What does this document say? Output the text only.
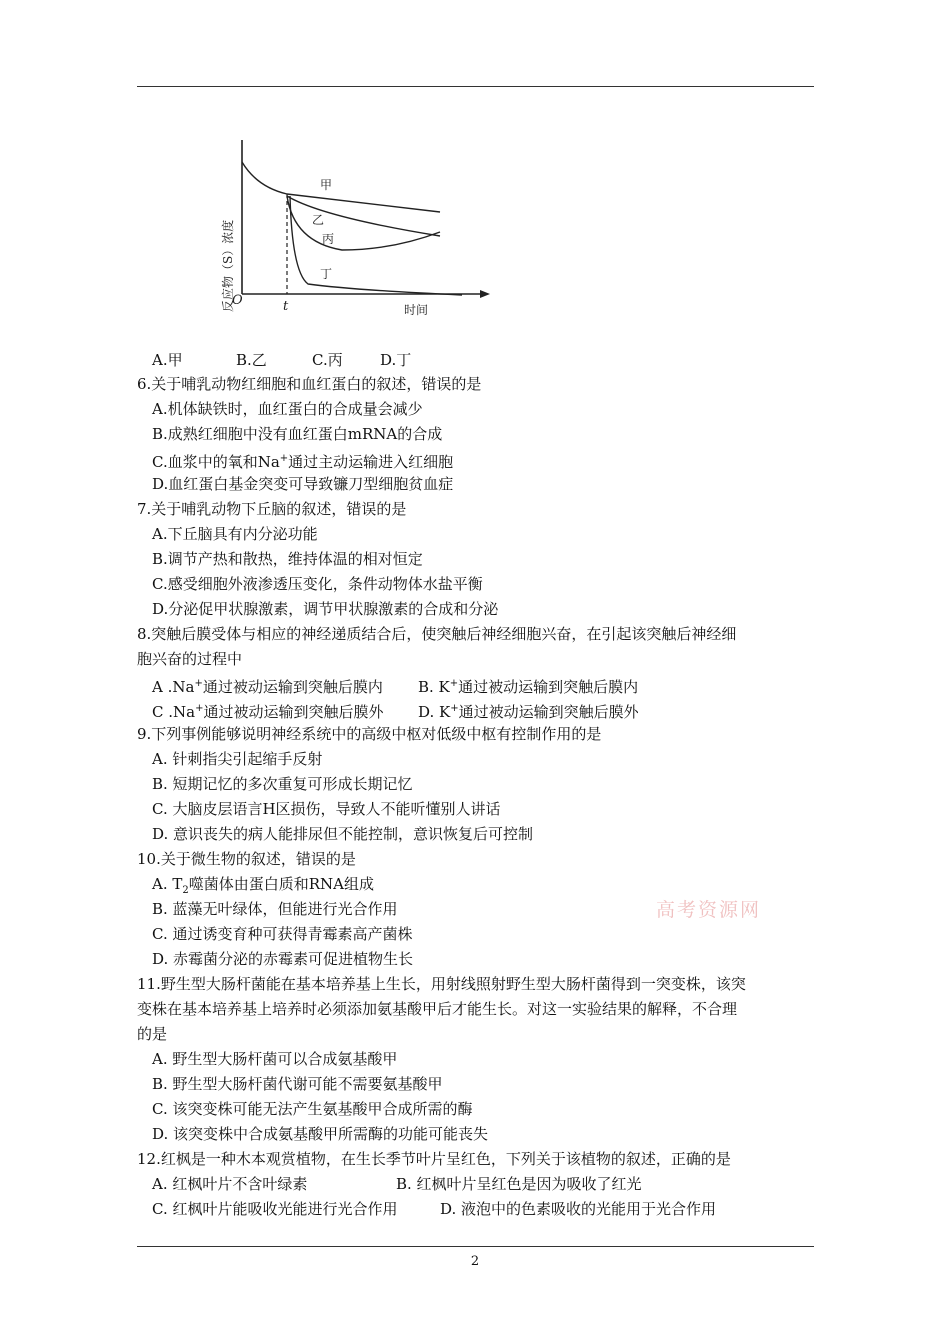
反应物（S）浓度
O	t	时间
甲
乙
丙
丁
A.甲	B.乙	C.丙 D.丁
6.关于哺乳动物红细胞和血红蛋白的叙述，错误的是
A.机体缺铁时，血红蛋白的合成量会减少
B.成熟红细胞中没有血红蛋白mRNA的合成
C.血浆中的氧和Na+通过主动运输进入红细胞
D.血红蛋白基金突变可导致镰刀型细胞贫血症
7.关于哺乳动物下丘脑的叙述，错误的是
A.下丘脑具有内分泌功能
B.调节产热和散热，维持体温的相对恒定
C.感受细胞外液渗透压变化，条件动物体水盐平衡
D.分泌促甲状腺激素，调节甲状腺激素的合成和分泌
8.突触后膜受体与相应的神经递质结合后，使突触后神经细胞兴奋，在引起该突触后神经细
胞兴奋的过程中
A .Na+通过被动运输到突触后膜内 B. K+通过被动运输到突触后膜内
C .Na+通过被动运输到突触后膜外 D. K+通过被动运输到突触后膜外
9.下列事例能够说明神经系统中的高级中枢对低级中枢有控制作用的是
A. 针刺指尖引起缩手反射
B. 短期记忆的多次重复可形成长期记忆
C. 大脑皮层语言H区损伤，导致人不能听懂别人讲话
D. 意识丧失的病人能排尿但不能控制，意识恢复后可控制
10.关于微生物的叙述，错误的是
A. $T_2$噬菌体由蛋白质和RNA组成
B. 蓝藻无叶绿体，但能进行光合作用
C. 通过诱变育种可获得青霉素高产菌株
D. 赤霉菌分泌的赤霉素可促进植物生长
高考资源网
11.野生型大肠杆菌能在基本培养基上生长，用射线照射野生型大肠杆菌得到一突变株，该突
变株在基本培养基上培养时必须添加氨基酸甲后才能生长。对这一实验结果的解释，不合理
的是
A. 野生型大肠杆菌可以合成氨基酸甲
B. 野生型大肠杆菌代谢可能不需要氨基酸甲
C. 该突变株可能无法产生氨基酸甲合成所需的酶
D. 该突变株中合成氨基酸甲所需酶的功能可能丧失
12.红枫是一种木本观赏植物，在生长季节叶片呈红色，下列关于该植物的叙述，正确的是
A. 红枫叶片不含叶绿素	B. 红枫叶片呈红色是因为吸收了红光
C. 红枫叶片能吸收光能进行光合作用	D. 液泡中的色素吸收的光能用于光合作用
2
